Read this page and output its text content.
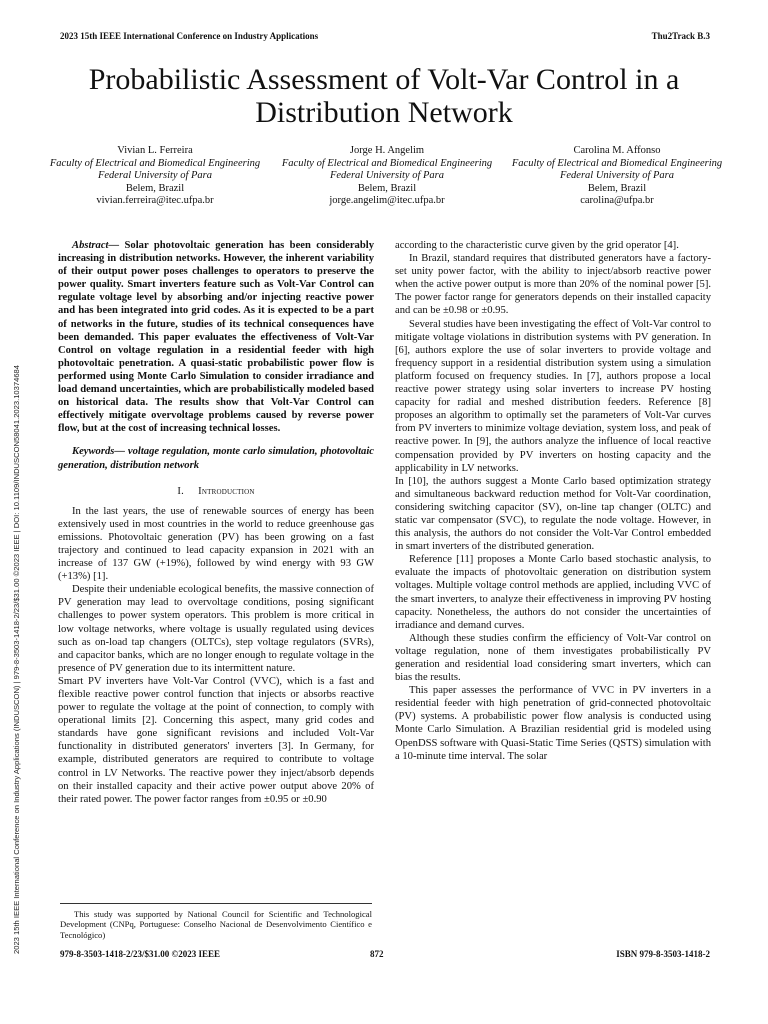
2023 15th IEEE International Conference on Industry Applications	Thu2Track B.3
2023 15th IEEE International Conference on Industry Applications (INDUSCON) | 979-8-3503-1418-2/23/$31.00 ©2023 IEEE | DOI: 10.1109/INDUSCON58041.2023.10374684
Probabilistic Assessment of Volt-Var Control in a Distribution Network
Vivian L. Ferreira
Faculty of Electrical and Biomedical Engineering
Federal University of Para
Belem, Brazil
vivian.ferreira@itec.ufpa.br
Jorge H. Angelim
Faculty of Electrical and Biomedical Engineering
Federal University of Para
Belem, Brazil
jorge.angelim@itec.ufpa.br
Carolina M. Affonso
Faculty of Electrical and Biomedical Engineering
Federal University of Para
Belem, Brazil
carolina@ufpa.br

Abstract— Solar photovoltaic generation has been considerably increasing in distribution networks. However, the inherent variability of their output power poses challenges to operators to preserve the power quality. Smart inverters feature such as Volt-Var Control can regulate voltage level by absorbing and/or injecting reactive power and has been integrated into grid codes. As it is expected to be a part of networks in the future, studies of its technical consequences have been demanded. This paper evaluates the effectiveness of Volt-Var Control on voltage regulation in a residential feeder with high photovoltaic penetration. A quasi-static probabilistic power flow is performed using Monte Carlo Simulation to consider irradiance and load demand uncertainties, which are probabilistically modeled based on historical data. The results show that Volt-Var Control can effectively mitigate overvoltage problems caused by reverse power flow, but at the cost of increasing technical losses.

Keywords— voltage regulation, monte carlo simulation, photovoltaic generation, distribution network

I. Introduction

In the last years, the use of renewable sources of energy has been extensively used in most countries in the world to reduce greenhouse gas emissions. Photovoltaic generation (PV) has been growing on a fast trajectory and continued to lead capacity expansion in 2021 with an increase of 137 GW (+19%), followed by wind energy with 93 GW (+13%) [1].

Despite their undeniable ecological benefits, the massive connection of PV generation may lead to overvoltage conditions, posing significant challenges to power system operators. This problem is more critical in low voltage networks, where voltage is usually regulated using devices such as on-load tap changers (OLTCs), step voltage regulators (SVRs), and capacitor banks, which are no longer enough to regulate voltage in the presence of PV generation due to its intermittent nature.

Smart PV inverters have Volt-Var Control (VVC), which is a fast and flexible reactive power control function that injects or absorbs reactive power to regulate the voltage at the point of connection, to comply with operational limits [2]. Concerning this aspect, many grid codes and standards have gone significant revisions and included Volt-Var functionality in distributed generators' inverters [3]. In Germany, for example, distributed generators are required to contribute to voltage control in LV Networks. The reactive power they inject/absorb depends on their installed capacity and their active power output above 20% of their rated power. The power factor ranges from ±0.95 or ±0.90

according to the characteristic curve given by the grid operator [4].

In Brazil, standard requires that distributed generators have a factory-set unity power factor, with the ability to inject/absorb reactive power when the active power output is more than 20% of the nominal power [5]. The power factor range for generators depends on their installed capacity and can be ±0.98 or ±0.95.

Several studies have been investigating the effect of Volt-Var control to mitigate voltage violations in distribution systems with PV generation. In [6], authors explore the use of solar inverters to provide voltage and frequency support in a residential distribution system using a simulation platform focused on frequency studies. In [7], authors propose a local reactive power strategy using solar inverters to increase PV hosting capacity for radial and meshed distribution feeders. Reference [8] proposes an algorithm to optimally set the parameters of Volt-Var curves from PV inverters to minimize voltage deviation, system loss, and peak of reactive power. In [9], the authors analyze the influence of local reactive compensation provided by PV inverters on hosting capacity and the applicability in LV networks.

In [10], the authors suggest a Monte Carlo based optimization strategy and simultaneous backward reduction method for Volt-Var coordination, considering switching capacitor (SV), on-line tap changer (OLTC) and static var compensator (SVC), to regulate the node voltage. However, in this analysis, the authors do not consider the Volt-Var Control embedded in smart inverters of the distributed generation.

Reference [11] proposes a Monte Carlo based stochastic analysis, to evaluate the impacts of photovoltaic generation on distribution system voltages. Multiple voltage control methods are applied, including VVC of the smart inverters, to analyze their effectiveness in improving PV hosting capacity. Nonetheless, the authors do not consider the uncertainties of irradiance and demand curves.

Although these studies confirm the efficiency of Volt-Var control on voltage regulation, none of them investigates probabilistically PV generation and residential load considering smart inverters, which can bias the results.

This paper assesses the performance of VVC in PV inverters in a residential feeder with high penetration of grid-connected photovoltaic (PV) systems. A probabilistic power flow analysis is conducted using Monte Carlo Simulation. A Brazilian residential grid is modeled using OpenDSS software with Quasi-Static Time Series (QSTS) simulation with a 10-minute time interval. The solar

This study was supported by National Council for Scientific and Technological Development (CNPq, Portuguese: Conselho Nacional de Desenvolvimento Científico e Tecnológico)

979-8-3503-1418-2/23/$31.00 ©2023 IEEE	872	ISBN 979-8-3503-1418-2
